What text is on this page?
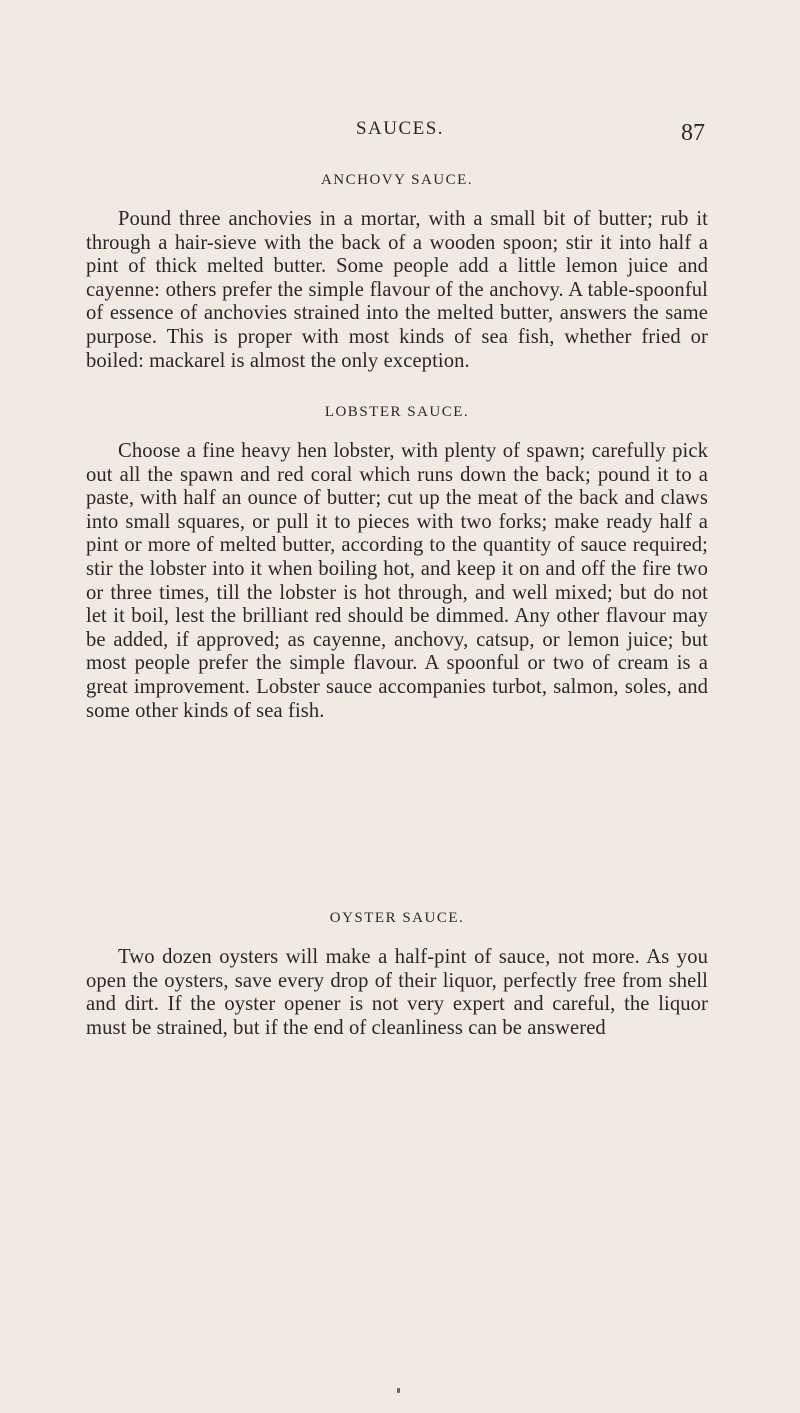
SAUCES.	87
ANCHOVY SAUCE.

Pound three anchovies in a mortar, with a small bit of butter; rub it through a hair-sieve with the back of a wooden spoon; stir it into half a pint of thick melted butter. Some people add a little lemon juice and cayenne: others prefer the simple flavour of the anchovy. A table-spoonful of essence of anchovies strained into the melted butter, answers the same purpose. This is proper with most kinds of sea fish, whether fried or boiled: mackarel is almost the only exception.

LOBSTER SAUCE.

Choose a fine heavy hen lobster, with plenty of spawn; carefully pick out all the spawn and red coral which runs down the back; pound it to a paste, with half an ounce of butter; cut up the meat of the back and claws into small squares, or pull it to pieces with two forks; make ready half a pint or more of melted butter, according to the quantity of sauce required; stir the lobster into it when boiling hot, and keep it on and off the fire two or three times, till the lobster is hot through, and well mixed; but do not let it boil, lest the brilliant red should be dimmed. Any other flavour may be added, if approved; as cayenne, anchovy, catsup, or lemon juice; but most people prefer the simple flavour. A spoonful or two of cream is a great improvement. Lobster sauce accompanies turbot, salmon, soles, and some other kinds of sea fish.

OYSTER SAUCE.

Two dozen oysters will make a half-pint of sauce, not more. As you open the oysters, save every drop of their liquor, perfectly free from shell and dirt. If the oyster opener is not very expert and careful, the liquor must be strained, but if the end of cleanliness can be answered
